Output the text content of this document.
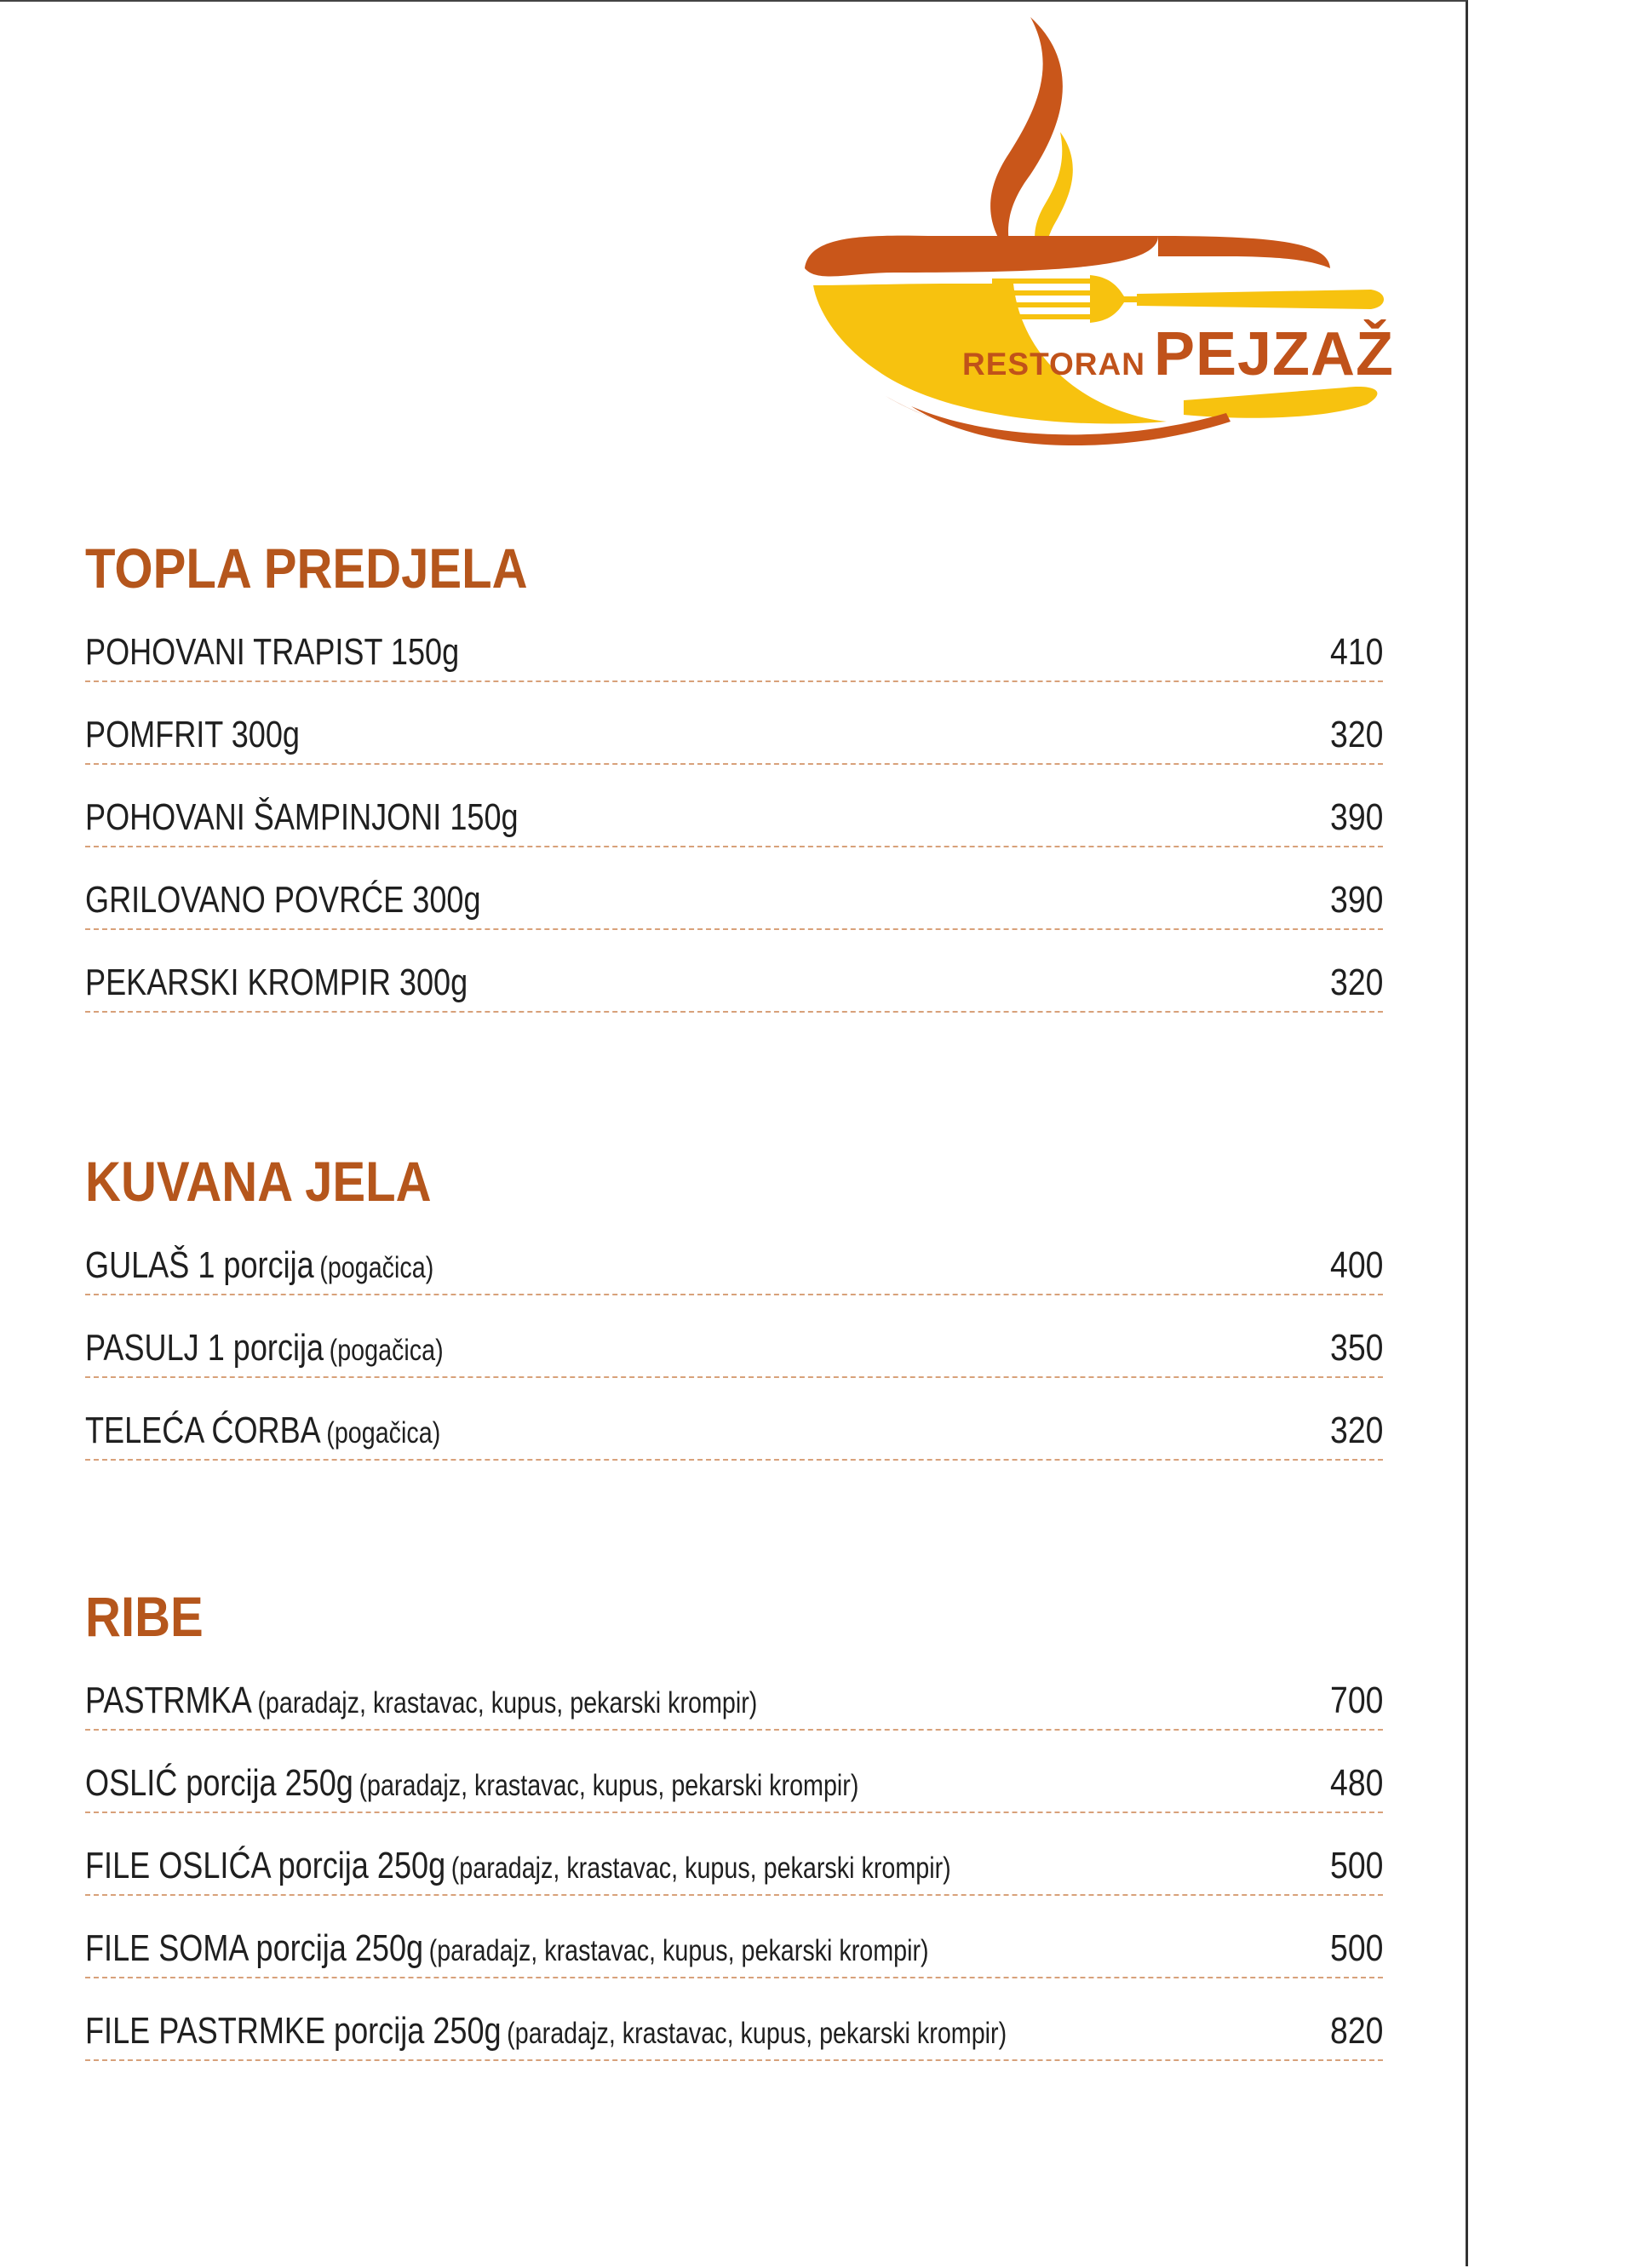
RESTORAN PEJZAŽ
TOPLA PREDJELA
POHOVANI TRAPIST 150g	410
POMFRIT 300g	320
POHOVANI ŠAMPINJONI 150g	390
GRILOVANO POVRĆE 300g	390
PEKARSKI KROMPIR 300g	320
KUVANA JELA
GULAŠ 1 porcija (pogačica)	400
PASULJ 1 porcija (pogačica)	350
TELEĆA ĆORBA (pogačica)	320
RIBE
PASTRMKA (paradajz, krastavac, kupus, pekarski krompir)	700
OSLIĆ porcija 250g (paradajz, krastavac, kupus, pekarski krompir)	480
FILE OSLIĆA porcija 250g (paradajz, krastavac, kupus, pekarski krompir)	500
FILE SOMA porcija 250g (paradajz, krastavac, kupus, pekarski krompir)	500
FILE PASTRMKE porcija 250g (paradajz, krastavac, kupus, pekarski krompir)	820
